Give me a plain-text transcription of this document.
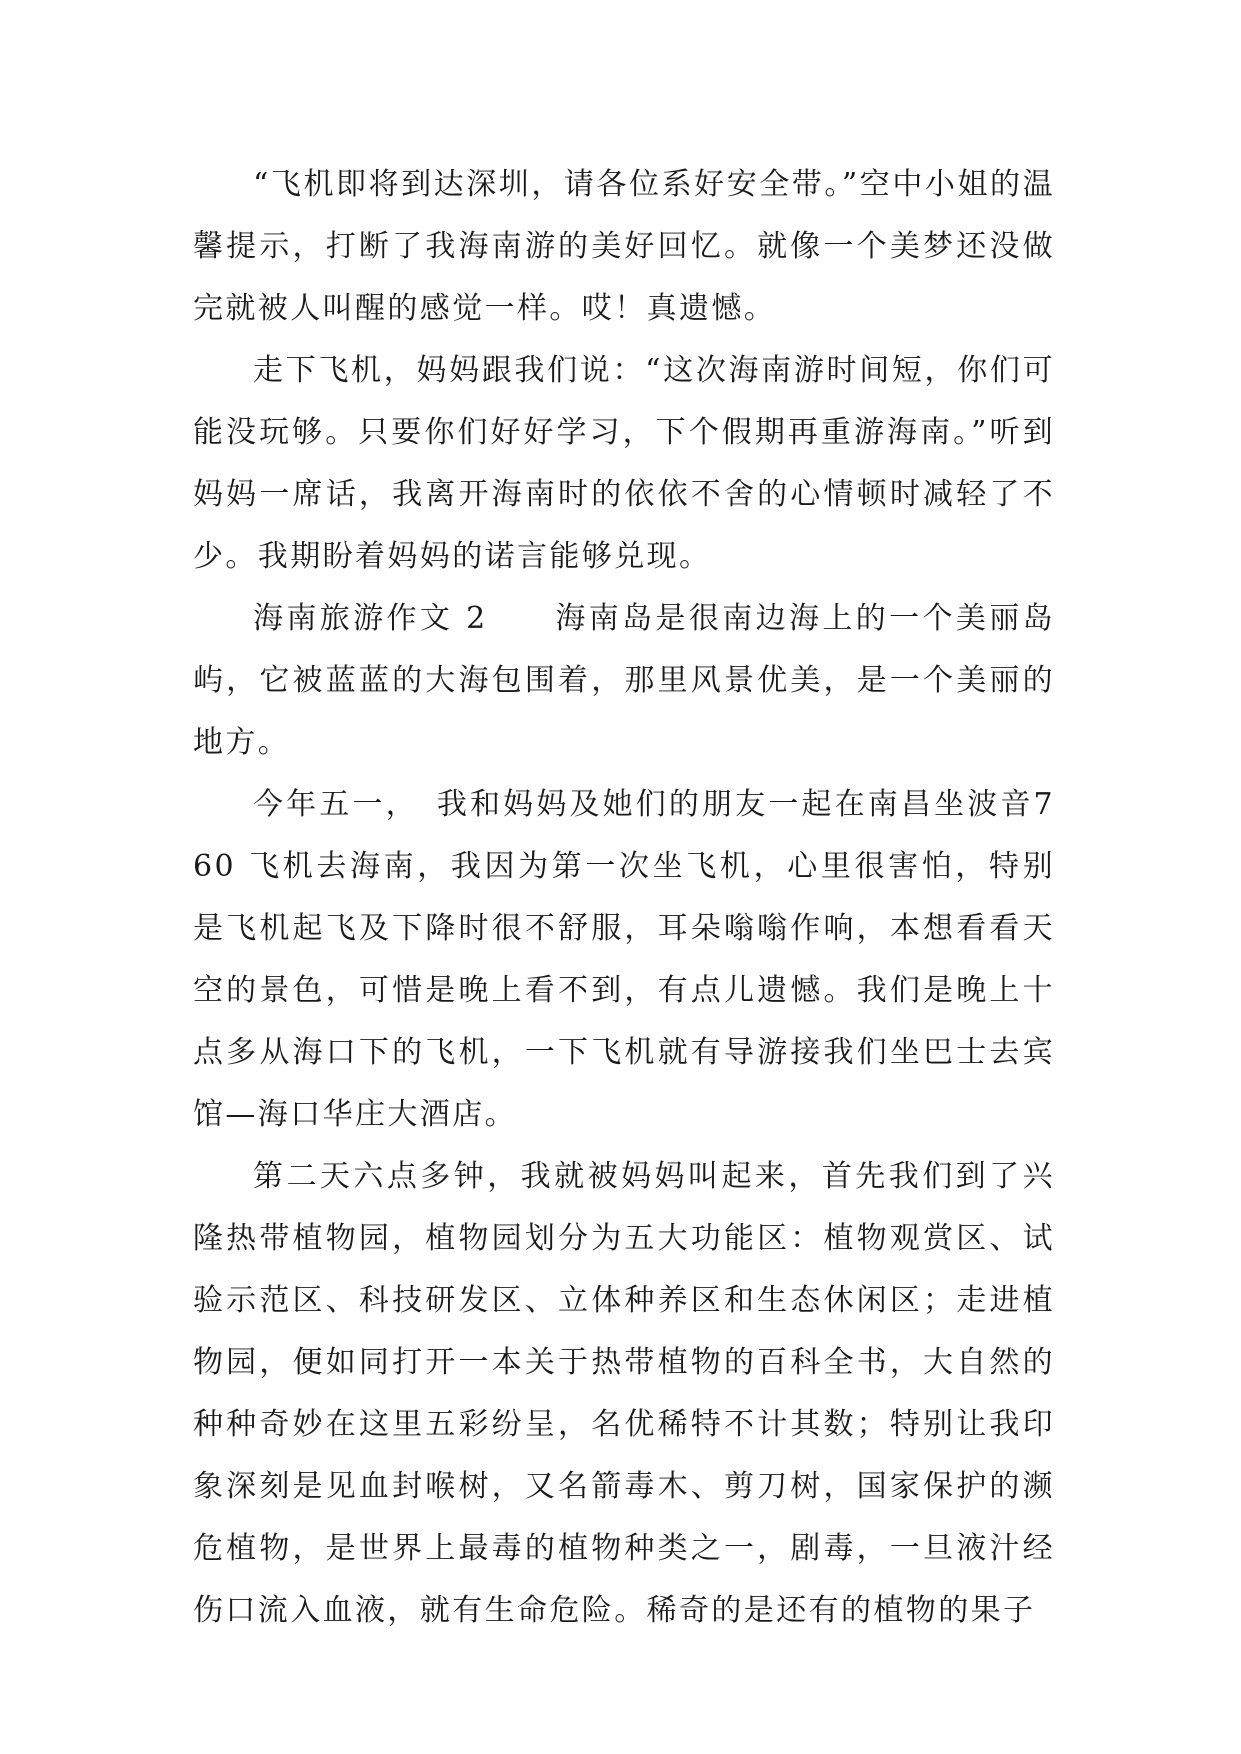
“飞机即将到达深圳，请各位系好安全带。”空中小姐的温馨提示，打断了我海南游的美好回忆。就像一个美梦还没做完就被人叫醒的感觉一样。哎！真遗憾。

走下飞机，妈妈跟我们说：“这次海南游时间短，你们可能没玩够。只要你们好好学习，下个假期再重游海南。”听到妈妈一席话，我离开海南时的依依不舍的心情顿时减轻了不少。我期盼着妈妈的诺言能够兑现。

海南旅游作文 2　　海南岛是很南边海上的一个美丽岛屿，它被蓝蓝的大海包围着，那里风景优美，是一个美丽的地方。

今年五一，　我和妈妈及她们的朋友一起在南昌坐波音760 飞机去海南，我因为第一次坐飞机，心里很害怕，特别是飞机起飞及下降时很不舒服，耳朵嗡嗡作响，本想看看天空的景色，可惜是晚上看不到，有点儿遗憾。我们是晚上十点多从海口下的飞机，一下飞机就有导游接我们坐巴士去宾馆—海口华庄大酒店。

第二天六点多钟，我就被妈妈叫起来，首先我们到了兴隆热带植物园，植物园划分为五大功能区：植物观赏区、试验示范区、科技研发区、立体种养区和生态休闲区；走进植物园，便如同打开一本关于热带植物的百科全书，大自然的种种奇妙在这里五彩纷呈，名优稀特不计其数；特别让我印象深刻是见血封喉树，又名箭毒木、剪刀树，国家保护的濒危植物，是世界上最毒的植物种类之一，剧毒，一旦液汁经伤口流入血液，就有生命危险。稀奇的是还有的植物的果子
